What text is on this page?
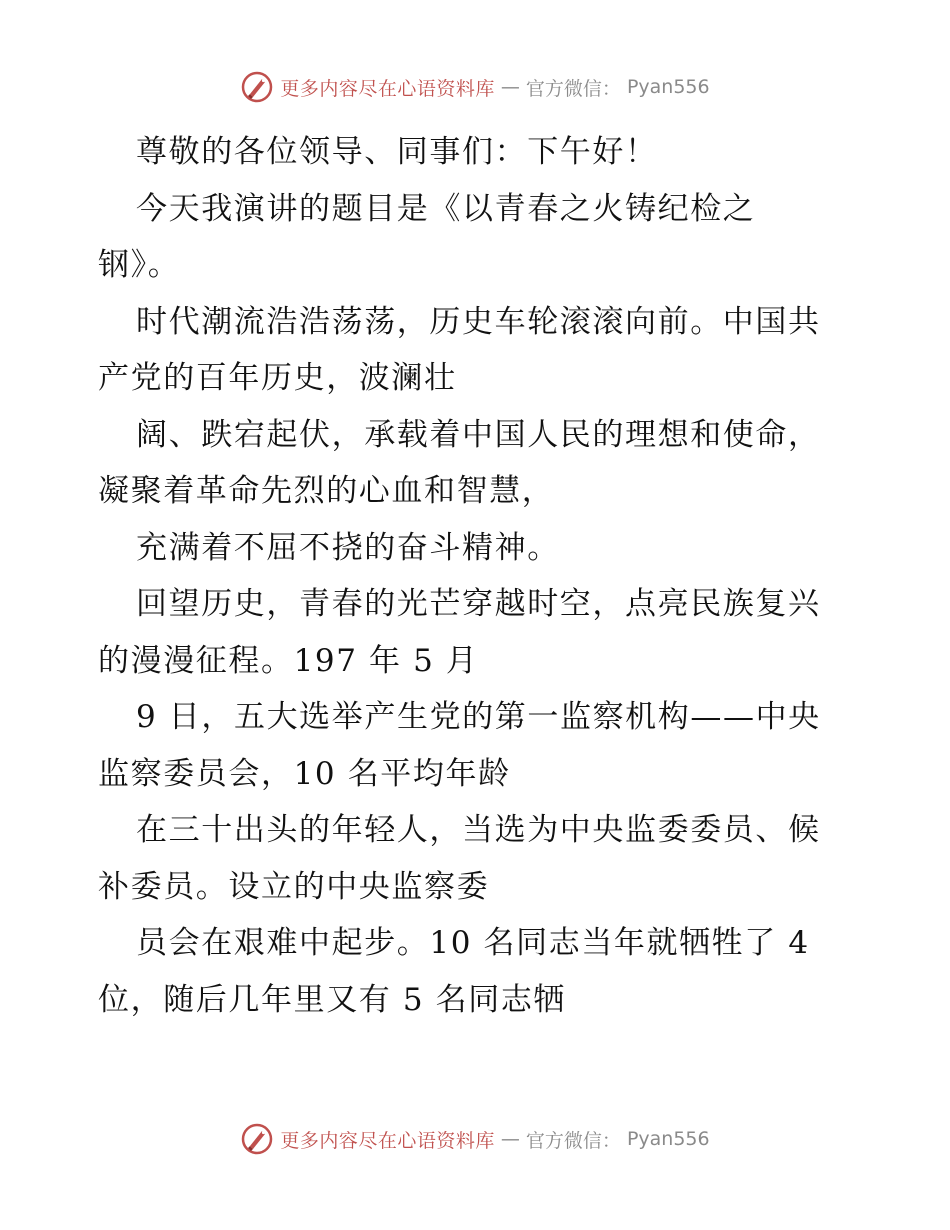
更多内容尽在心语资料库 — 官方微信： Pyan556
尊敬的各位领导、同事们：下午好！
今天我演讲的题目是《以青春之火铸纪检之
钢》。
时代潮流浩浩荡荡，历史车轮滚滚向前。中国共
产党的百年历史，波澜壮
阔、跌宕起伏，承载着中国人民的理想和使命，
凝聚着革命先烈的心血和智慧，
充满着不屈不挠的奋斗精神。
回望历史，青春的光芒穿越时空，点亮民族复兴
的漫漫征程。197 年 5 月
9 日，五大选举产生党的第一监察机构——中央
监察委员会，10 名平均年龄
在三十出头的年轻人，当选为中央监委委员、候
补委员。设立的中央监察委
员会在艰难中起步。10 名同志当年就牺牲了 4
位，随后几年里又有 5 名同志牺
更多内容尽在心语资料库 — 官方微信： Pyan556
